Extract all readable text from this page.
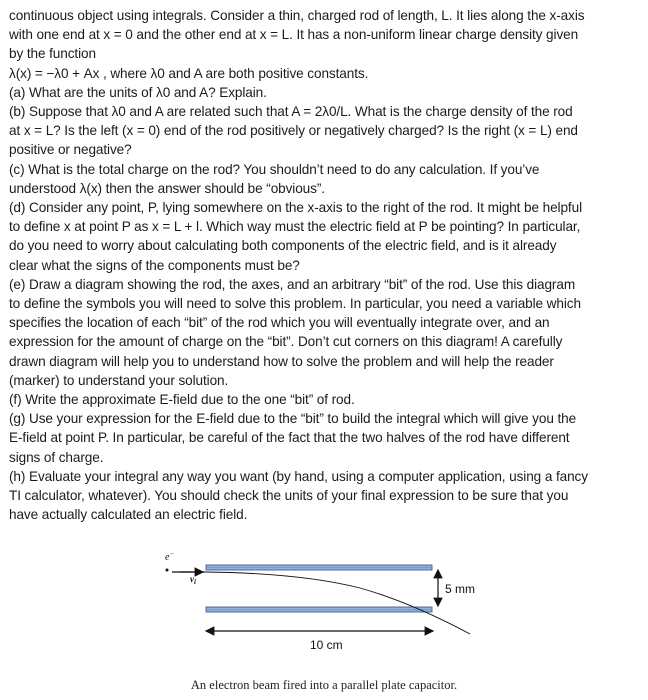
continuous object using integrals. Consider a thin, charged rod of length, L. It lies along the x-axis

with one end at x = 0 and the other end at x = L. It has a non-uniform linear charge density given

by the function

λ(x) = −λ0 + Ax , where λ0 and A are both positive constants.

(a) What are the units of λ0 and A? Explain.

(b) Suppose that λ0 and A are related such that A = 2λ0/L. What is the charge density of the rod

at x = L? Is the left (x = 0) end of the rod positively or negatively charged? Is the right (x = L) end

positive or negative?

(c) What is the total charge on the rod? You shouldn’t need to do any calculation. If you’ve

understood λ(x) then the answer should be “obvious”.

(d) Consider any point, P, lying somewhere on the x-axis to the right of the rod. It might be helpful

to define x at point P as x = L + l. Which way must the electric field at P be pointing? In particular,

do you need to worry about calculating both components of the electric field, and is it already

clear what the signs of the components must be?

(e) Draw a diagram showing the rod, the axes, and an arbitrary “bit” of the rod. Use this diagram

to define the symbols you will need to solve this problem. In particular, you need a variable which

specifies the location of each “bit” of the rod which you will eventually integrate over, and an

expression for the amount of charge on the “bit”. Don’t cut corners on this diagram! A carefully

drawn diagram will help you to understand how to solve the problem and will help the reader

(marker) to understand your solution.

(f) Write the approximate E-field due to the one “bit” of rod.

(g) Use your expression for the E-field due to the “bit” to build the integral which will give you the

E-field at point P. In particular, be careful of the fact that the two halves of the rod have different

signs of charge.

(h) Evaluate your integral any way you want (by hand, using a computer application, using a fancy

TI calculator, whatever). You should check the units of your final expression to be sure that you

have actually calculated an electric field.

e−
$v_i$	5 mm
10 cm
An electron beam fired into a parallel plate capacitor.
